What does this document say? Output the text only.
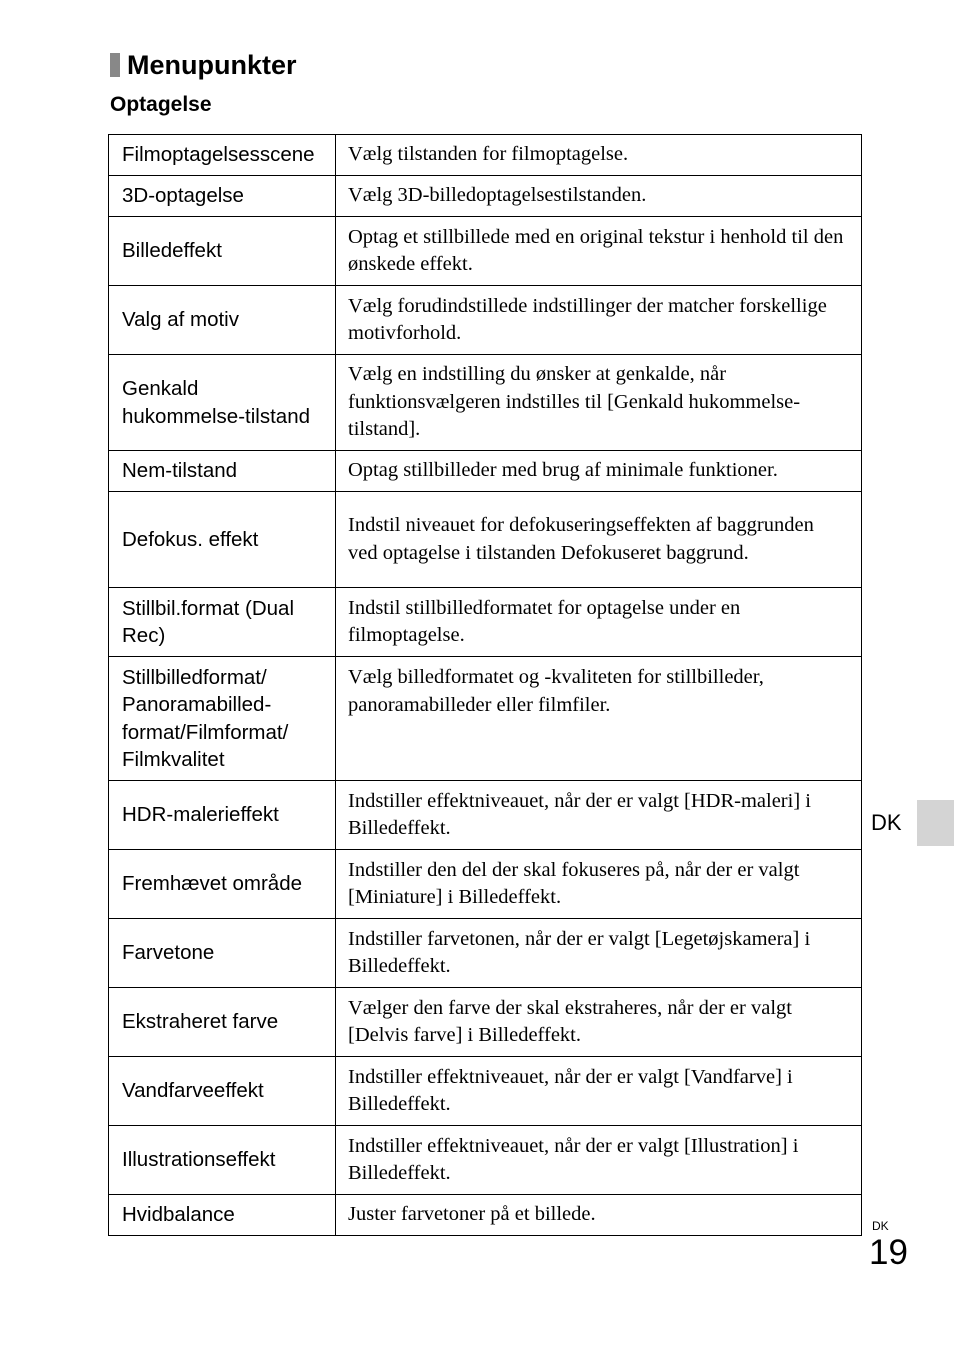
Menupunkter
Optagelse
Filmoptagelsesscene	Vælg tilstanden for filmoptagelse.
3D-optagelse	Vælg 3D-billedoptagelsestilstanden.
Billedeffekt	Optag et stillbillede med en original tekstur i henhold til den ønskede effekt.
Valg af motiv	Vælg forudindstillede indstillinger der matcher forskellige motivforhold.
Genkald hukommelse-tilstand	Vælg en indstilling du ønsker at genkalde, når funktionsvælgeren indstilles til [Genkald hukommelse-tilstand].
Nem-tilstand	Optag stillbilleder med brug af minimale funktioner.
Defokus. effekt	Indstil niveauet for defokuseringseffekten af baggrunden ved optagelse i tilstanden Defokuseret baggrund.
Stillbil.format (Dual Rec)	Indstil stillbilledformatet for optagelse under en filmoptagelse.
Stillbilledformat/ Panoramabilled-format/Filmformat/ Filmkvalitet	Vælg billedformatet og -kvaliteten for stillbilleder, panoramabilleder eller filmfiler.
HDR-malerieffekt	Indstiller effektniveauet, når der er valgt [HDR-maleri] i Billedeffekt.
Fremhævet område	Indstiller den del der skal fokuseres på, når der er valgt [Miniature] i Billedeffekt.
Farvetone	Indstiller farvetonen, når der er valgt [Legetøjskamera] i Billedeffekt.
Ekstraheret farve	Vælger den farve der skal ekstraheres, når der er valgt [Delvis farve] i Billedeffekt.
Vandfarveeffekt	Indstiller effektniveauet, når der er valgt [Vandfarve] i Billedeffekt.
Illustrationseffekt	Indstiller effektniveauet, når der er valgt [Illustration] i Billedeffekt.
Hvidbalance	Juster farvetoner på et billede.
DK
DK
19
